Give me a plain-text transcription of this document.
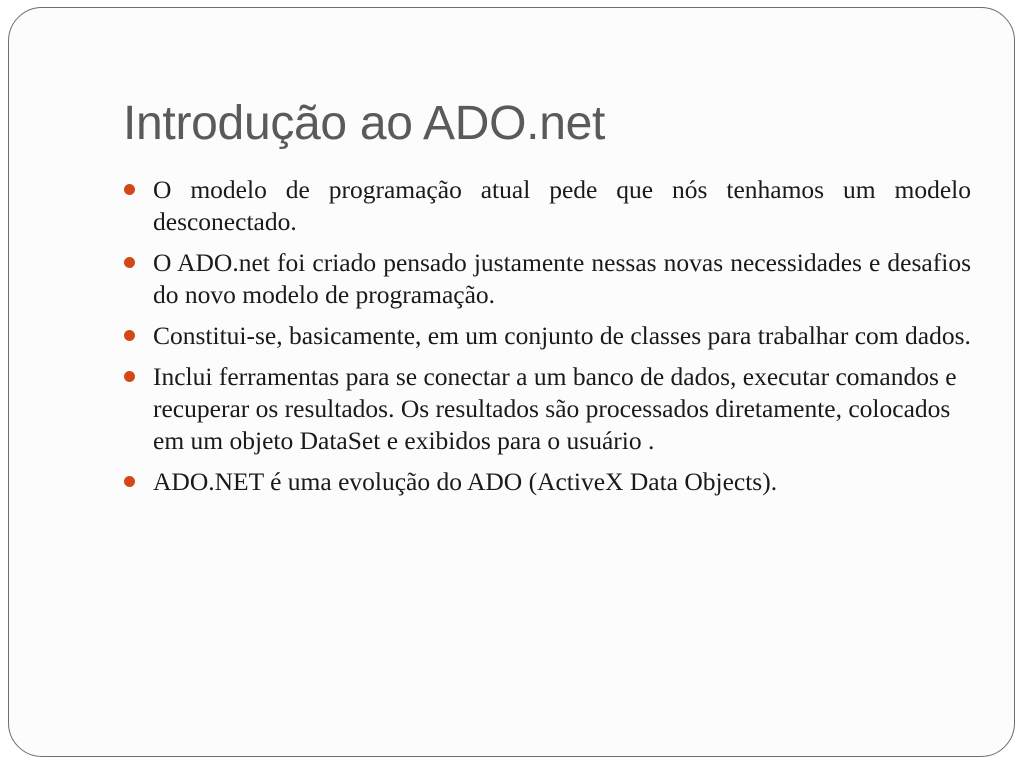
Introdução ao ADO.net
O modelo de programação atual pede que nós tenhamos um modelo desconectado.
O ADO.net foi criado pensado justamente nessas novas necessidades e desafios do novo modelo de programação.
Constitui-se, basicamente, em um conjunto de classes para trabalhar com dados.
Inclui ferramentas para se conectar a um banco de dados, executar comandos e recuperar os resultados. Os resultados são processados diretamente, colocados em um objeto DataSet e exibidos para o usuário .
ADO.NET é uma evolução do ADO (ActiveX Data Objects).
